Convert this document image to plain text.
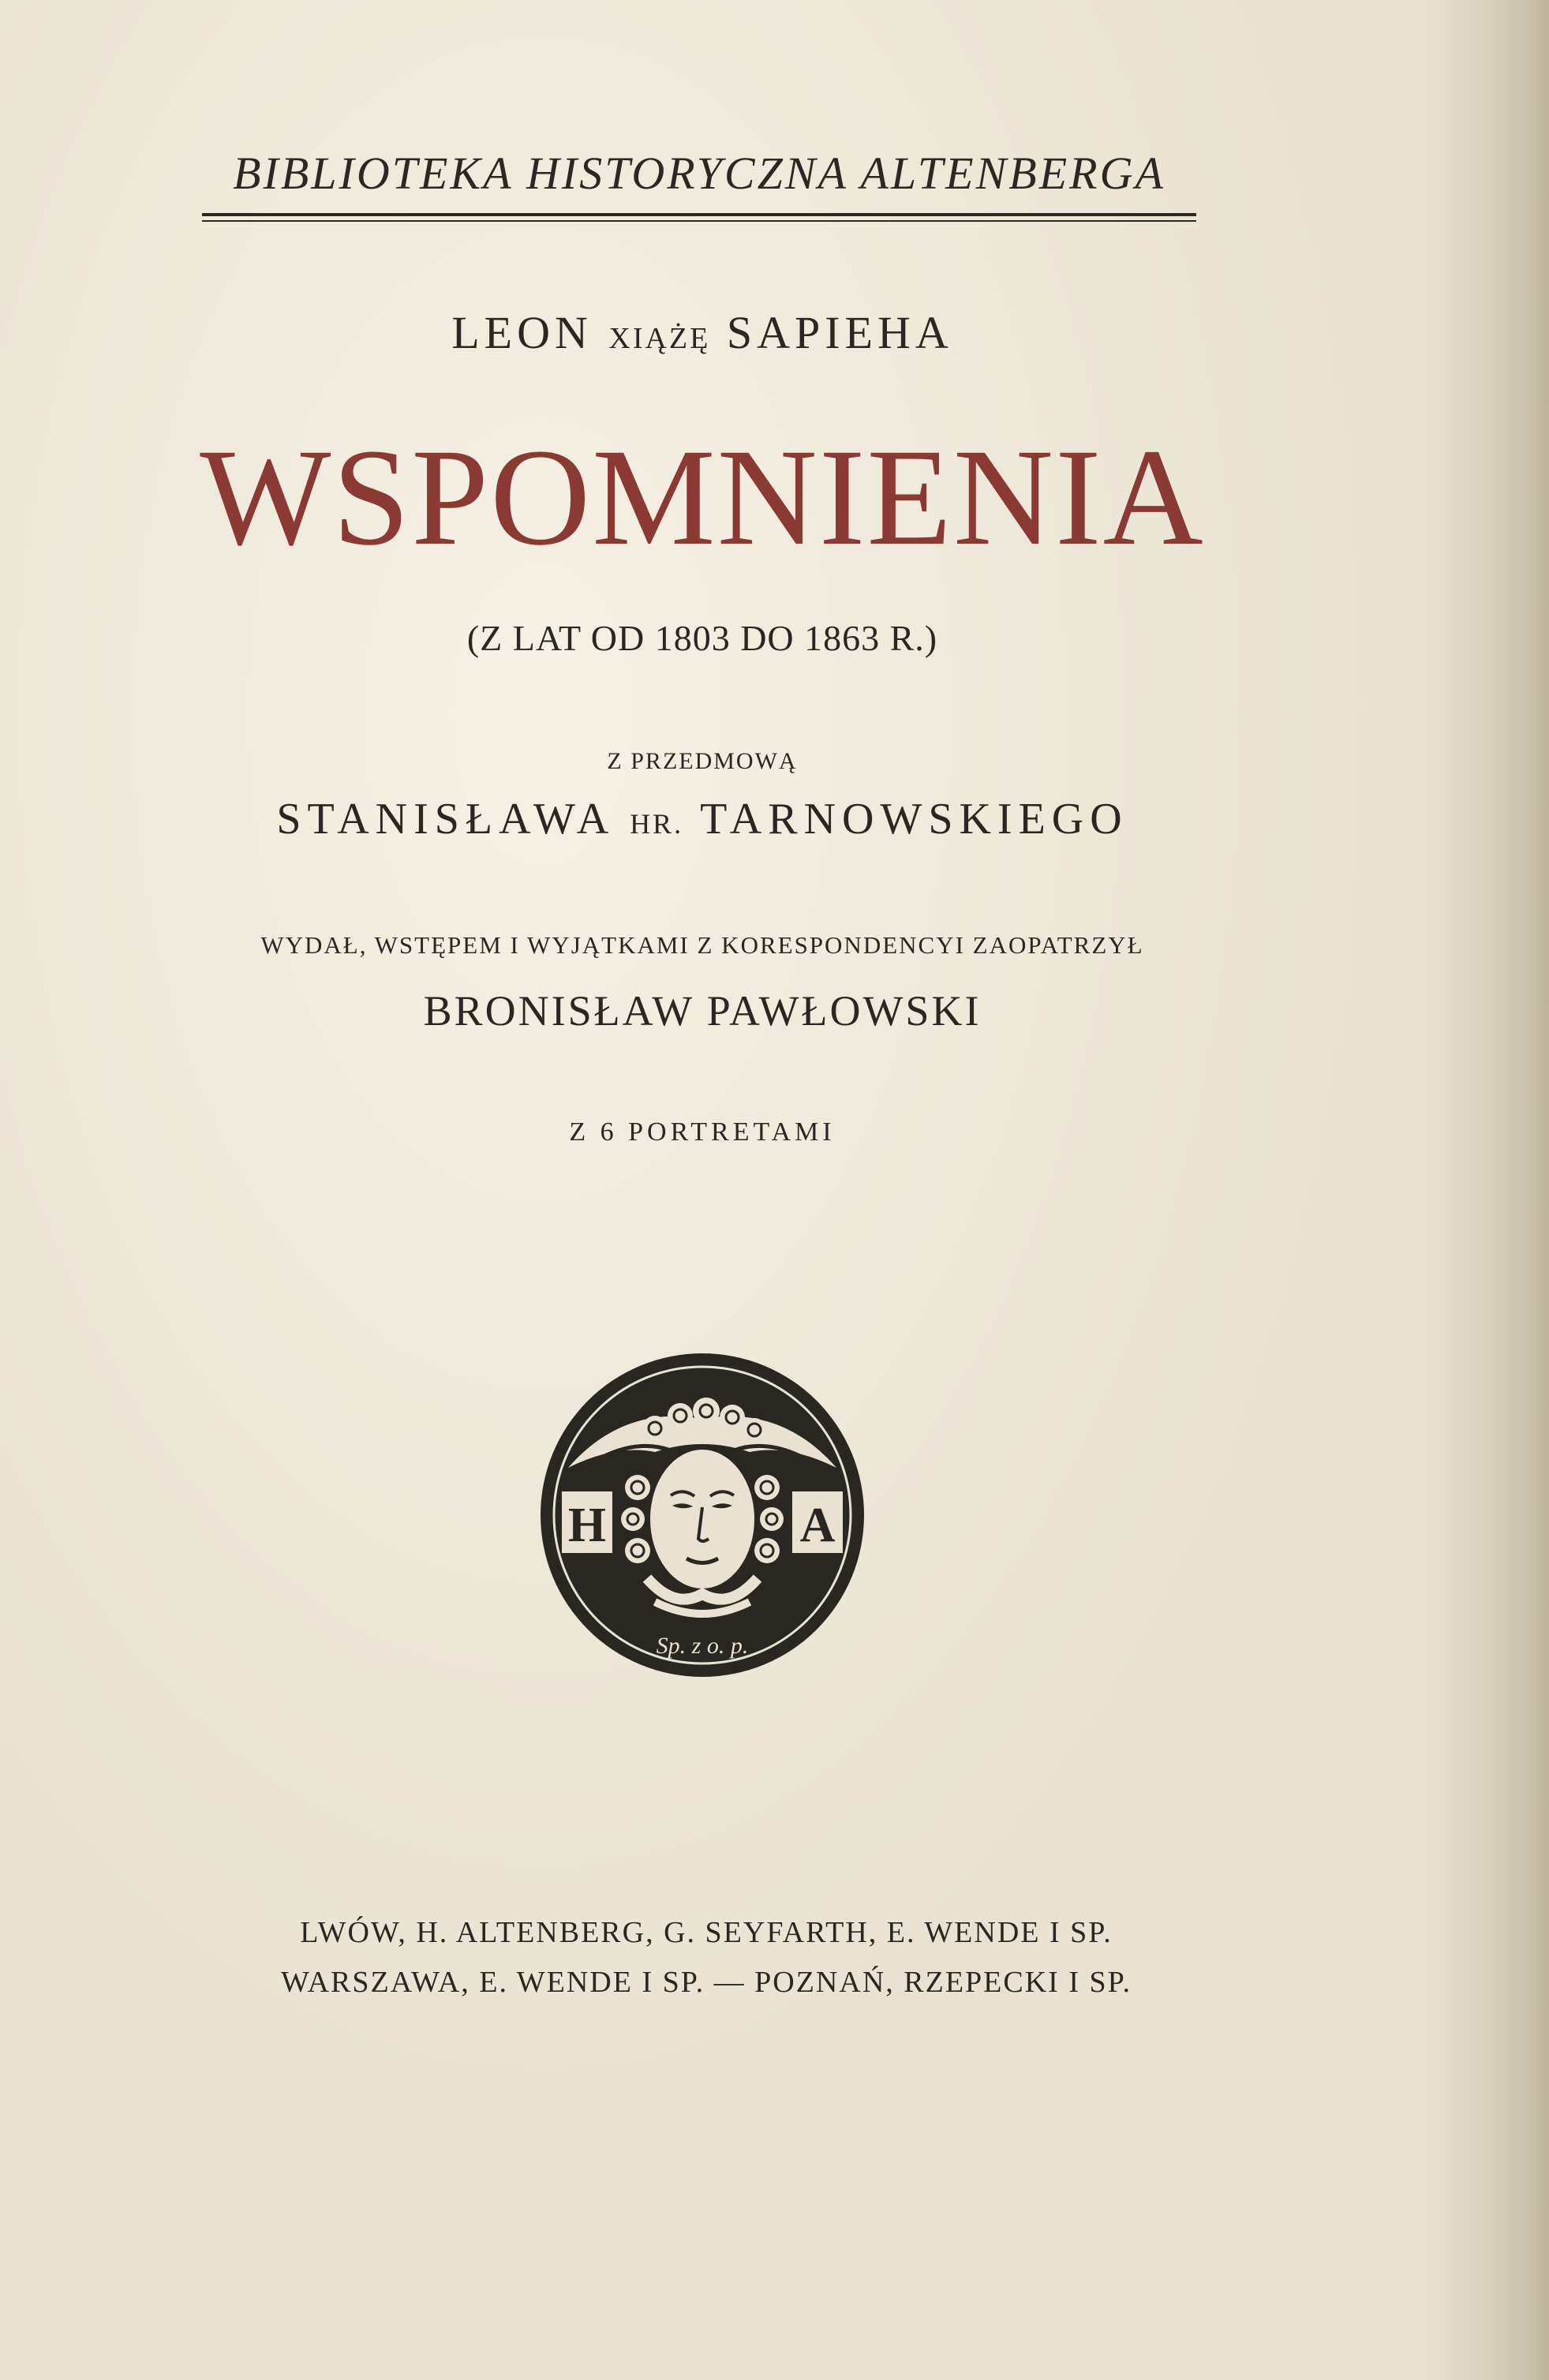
BIBLIOTEKA HISTORYCZNA ALTENBERGA
LEON XIĄŻĘ SAPIEHA
WSPOMNIENIA
(Z LAT OD 1803 DO 1863 R.)
Z PRZEDMOWĄ
STANISŁAWA HR. TARNOWSKIEGO
WYDAŁ, WSTĘPEM I WYJĄTKAMI Z KORESPONDENCYI ZAOPATRZYŁ
BRONISŁAW PAWŁOWSKI
Z 6 PORTRETAMI
H	A
Sp. z o. p.
LWÓW, H. ALTENBERG, G. SEYFARTH, E. WENDE I SP.
WARSZAWA, E. WENDE I SP. — POZNAŃ, RZEPECKI I SP.
